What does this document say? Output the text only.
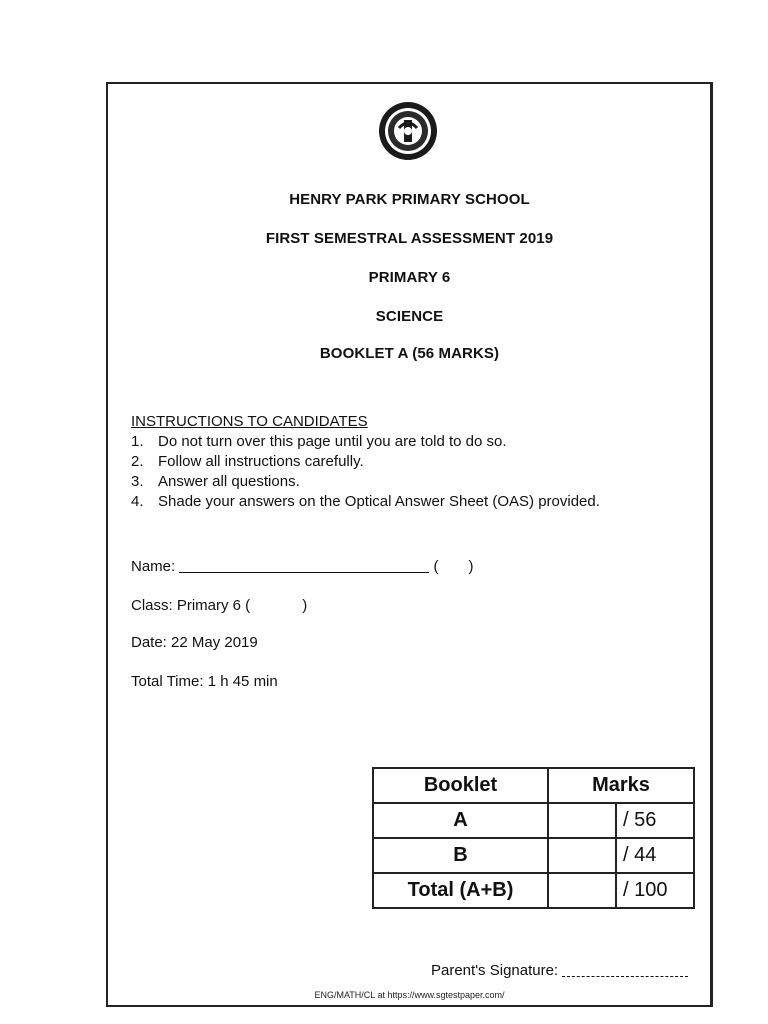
HENRY PARK PRIMARY SCHOOL
FIRST SEMESTRAL ASSESSMENT 2019
PRIMARY 6
SCIENCE
BOOKLET A (56 MARKS)
INSTRUCTIONS TO CANDIDATES
1. Do not turn over this page until you are told to do so.
2. Follow all instructions carefully.
3. Answer all questions.
4. Shade your answers on the Optical Answer Sheet (OAS) provided.
Name:	( )
Class: Primary 6 (	)
Date: 22 May 2019
Total Time: 1 h 45 min
Booklet	Marks	
A		/ 56
B		/ 44
Total (A+B)		/ 100
Parent's Signature:
ENG/MATH/CL at https://www.sgtestpaper.com/
